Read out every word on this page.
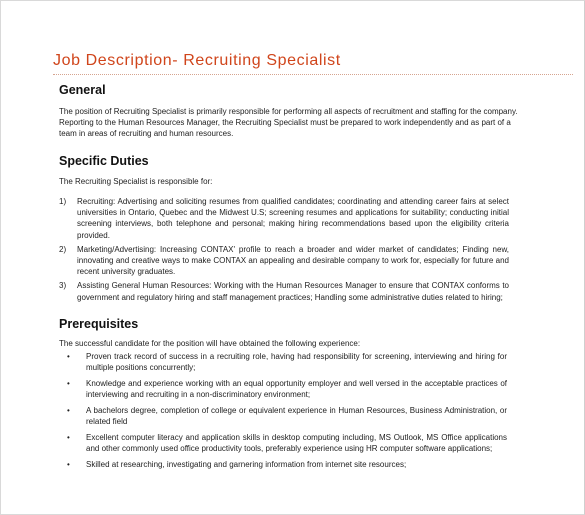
Job Description- Recruiting Specialist
General
The position of Recruiting Specialist is primarily responsible for performing all aspects of recruitment and staffing for the company. Reporting to the Human Resources Manager, the Recruiting Specialist must be prepared to work independently and as part of a team in areas of recruiting and human resources.
Specific Duties
The Recruiting Specialist is responsible for:
1) Recruiting: Advertising and soliciting resumes from qualified candidates; coordinating and attending career fairs at select universities in Ontario, Quebec and the Midwest U.S; screening resumes and applications for suitability; conducting initial screening interviews, both telephone and personal; making hiring recommendations based upon the eligibility criteria provided.
2) Marketing/Advertising: Increasing CONTAX' profile to reach a broader and wider market of candidates; Finding new, innovating and creative ways to make CONTAX an appealing and desirable company to work for, especially for future and recent university graduates.
3) Assisting General Human Resources: Working with the Human Resources Manager to ensure that CONTAX conforms to government and regulatory hiring and staff management practices; Handling some administrative duties related to hiring;
Prerequisites
The successful candidate for the position will have obtained the following experience:
• Proven track record of success in a recruiting role, having had responsibility for screening, interviewing and hiring for multiple positions concurrently;
• Knowledge and experience working with an equal opportunity employer and well versed in the acceptable practices of interviewing and recruiting in a non-discriminatory environment;
• A bachelors degree, completion of college or equivalent experience in Human Resources, Business Administration, or related field
• Excellent computer literacy and application skills in desktop computing including, MS Outlook, MS Office applications and other commonly used office productivity tools, preferably experience using HR computer software applications;
• Skilled at researching, investigating and garnering information from internet site resources;
